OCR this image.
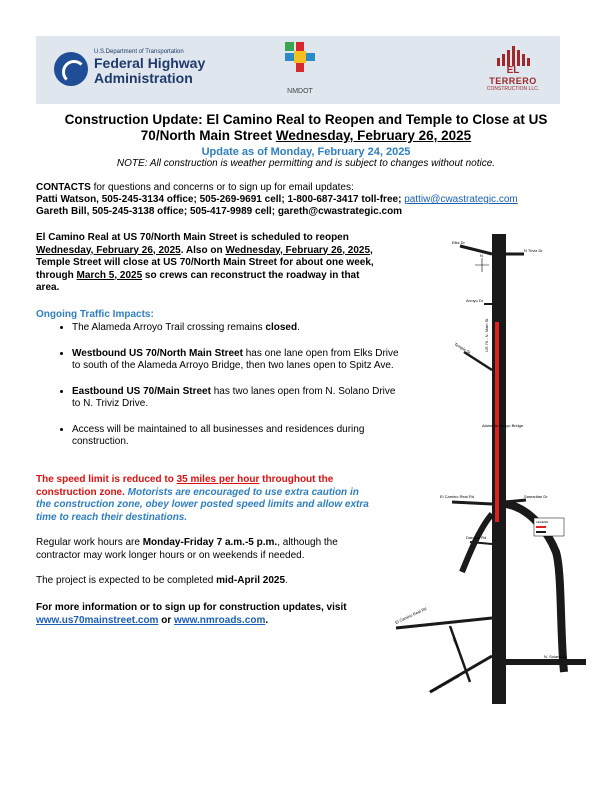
U.S.Department of Transportation
Federal Highway
Administration
NMDOT
EL
TERRERO
CONSTRUCTION LLC.
Construction Update: El Camino Real to Reopen and Temple to Close at US
70/North Main Street Wednesday, February 26, 2025
Update as of Monday, February 24, 2025
NOTE: All construction is weather permitting and is subject to changes without notice.
CONTACTS for questions and concerns or to sign up for email updates:
Patti Watson, 505-245-3134 office; 505-269-9691 cell; 1-800-687-3417 toll-free; pattiw@cwastrategic.com
Gareth Bill, 505-245-3138 office; 505-417-9989 cell; gareth@cwastrategic.com
El Camino Real at US 70/North Main Street is scheduled to reopen Wednesday, February 26, 2025. Also on Wednesday, February 26, 2025, Temple Street will close at US 70/North Main Street for about one week, through March 5, 2025 so crews can reconstruct the roadway in that area.
Ongoing Traffic Impacts:
• The Alameda Arroyo Trail crossing remains closed.
• Westbound US 70/North Main Street has one lane open from Elks Drive to south of the Alameda Arroyo Bridge, then two lanes open to Spitz Ave.
• Eastbound US 70/Main Street has two lanes open from N. Solano Drive to N. Triviz Drive.
• Access will be maintained to all businesses and residences during construction.
The speed limit is reduced to 35 miles per hour throughout the construction zone. Motorists are encouraged to use extra caution in the construction zone, obey lower posted speed limits and allow extra time to reach their destinations.
Regular work hours are Monday-Friday 7 a.m.-5 p.m., although the contractor may work longer hours or on weekends if needed.
The project is expected to be completed mid-April 2025.
For more information or to sign up for construction updates, visit www.us70mainstreet.com or www.nmroads.com.
Elks Dr
N Triviz Dr
N
Arroyo Dr
US 70 - N. Main St
Temple St
Alameda Arroyo Bridge
El Camino Real Rd	Samaritan Dr
Dardino Rd
LEGEND
El Camino Real Rd
Taft Ave
Three Crosses Ave
N. Solano Dr
